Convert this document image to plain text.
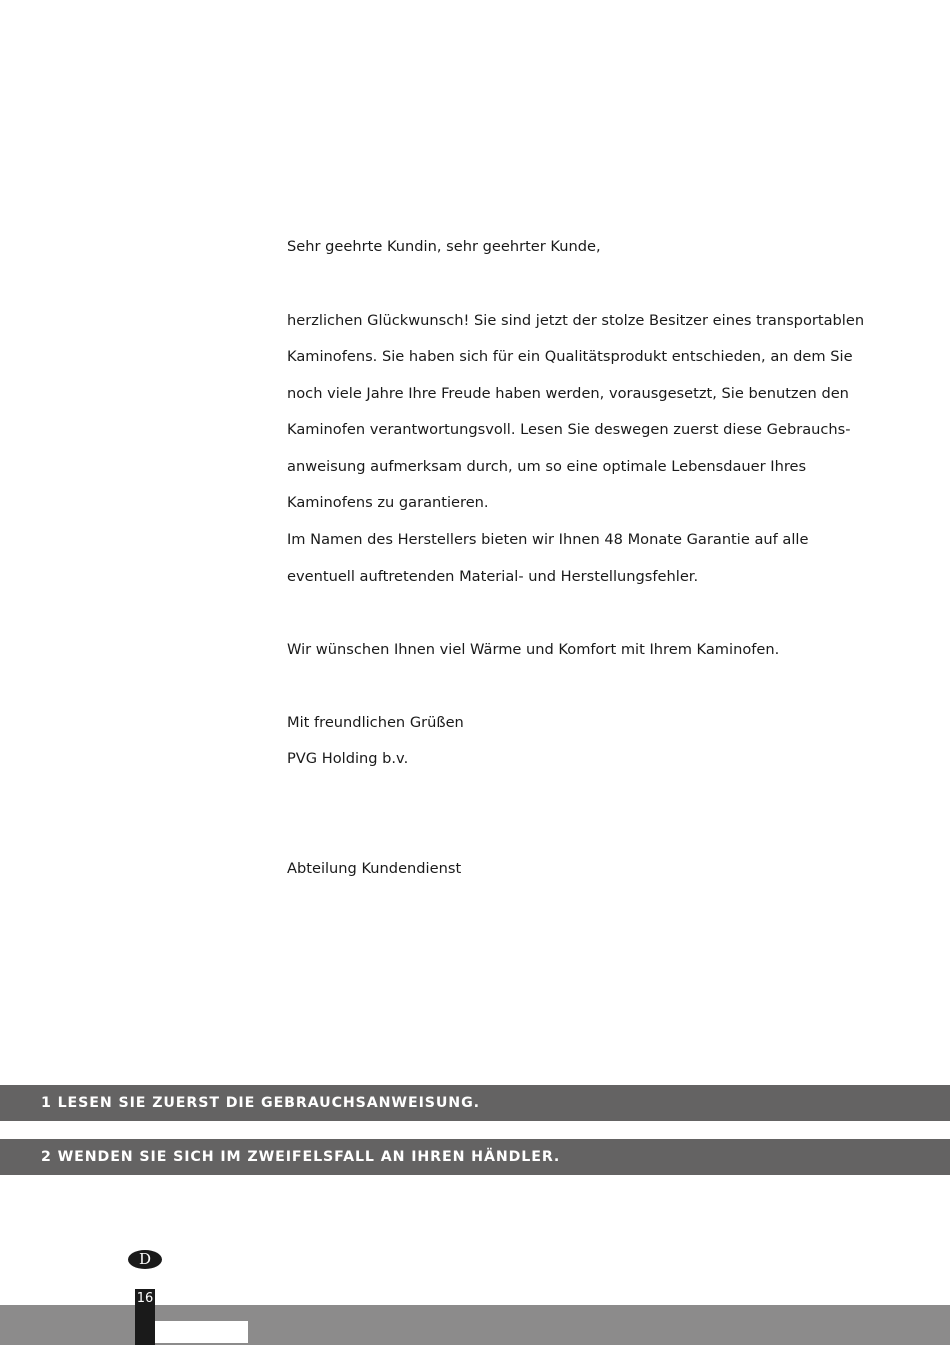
Sehr geehrte Kundin, sehr geehrter Kunde,

herzlichen Glückwunsch! Sie sind jetzt der stolze Besitzer eines transportablen

Kaminofens. Sie haben sich für ein Qualitätsprodukt entschieden, an dem Sie

noch viele Jahre Ihre Freude haben werden, vorausgesetzt, Sie benutzen den

Kaminofen verantwortungsvoll. Lesen Sie deswegen zuerst diese Gebrauchs-

anweisung aufmerksam durch, um so eine optimale Lebensdauer Ihres

Kaminofens zu garantieren.

Im Namen des Herstellers bieten wir Ihnen 48 Monate Garantie auf alle

eventuell auftretenden Material- und Herstellungsfehler.

Wir wünschen Ihnen viel Wärme und Komfort mit Ihrem Kaminofen.

Mit freundlichen Grüßen

PVG Holding b.v.

Abteilung Kundendienst

1 LESEN SIE ZUERST DIE GEBRAUCHSANWEISUNG.
2 WENDEN SIE SICH IM ZWEIFELSFALL AN IHREN HÄNDLER.
D
16
